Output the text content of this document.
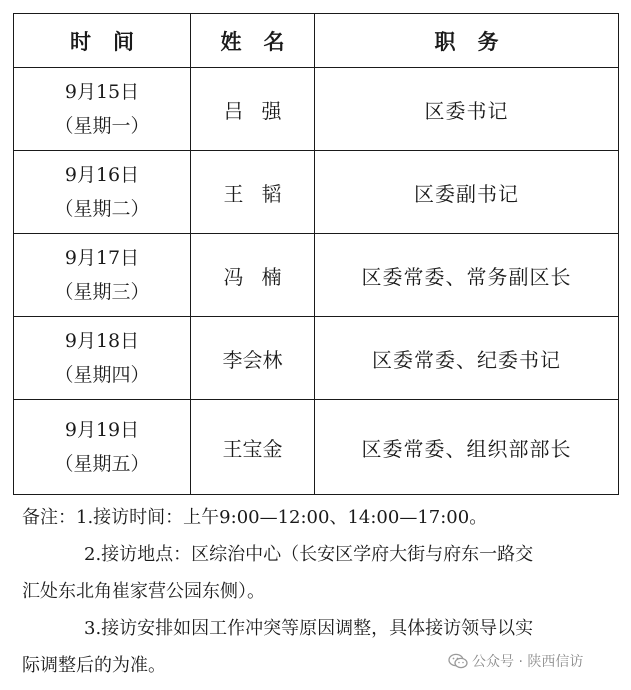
时间	姓名	职务

9月15日
（星期一）	吕强	区委书记

9月16日
（星期二）	王韬	区委副书记

9月17日
（星期三）	冯楠	区委常委、常务副区长

9月18日
（星期四）	李会林	区委常委、纪委书记

9月19日
（星期五）	王宝金	区委常委、组织部部长
备注：1.接访时间：上午9:00—12:00、14:00—17:00。
2.接访地点：区综治中心（长安区学府大街与府东一路交
汇处东北角崔家营公园东侧）。
3.接访安排如因工作冲突等原因调整，具体接访领导以实
际调整后的为准。	公众号 · 陕西信访
